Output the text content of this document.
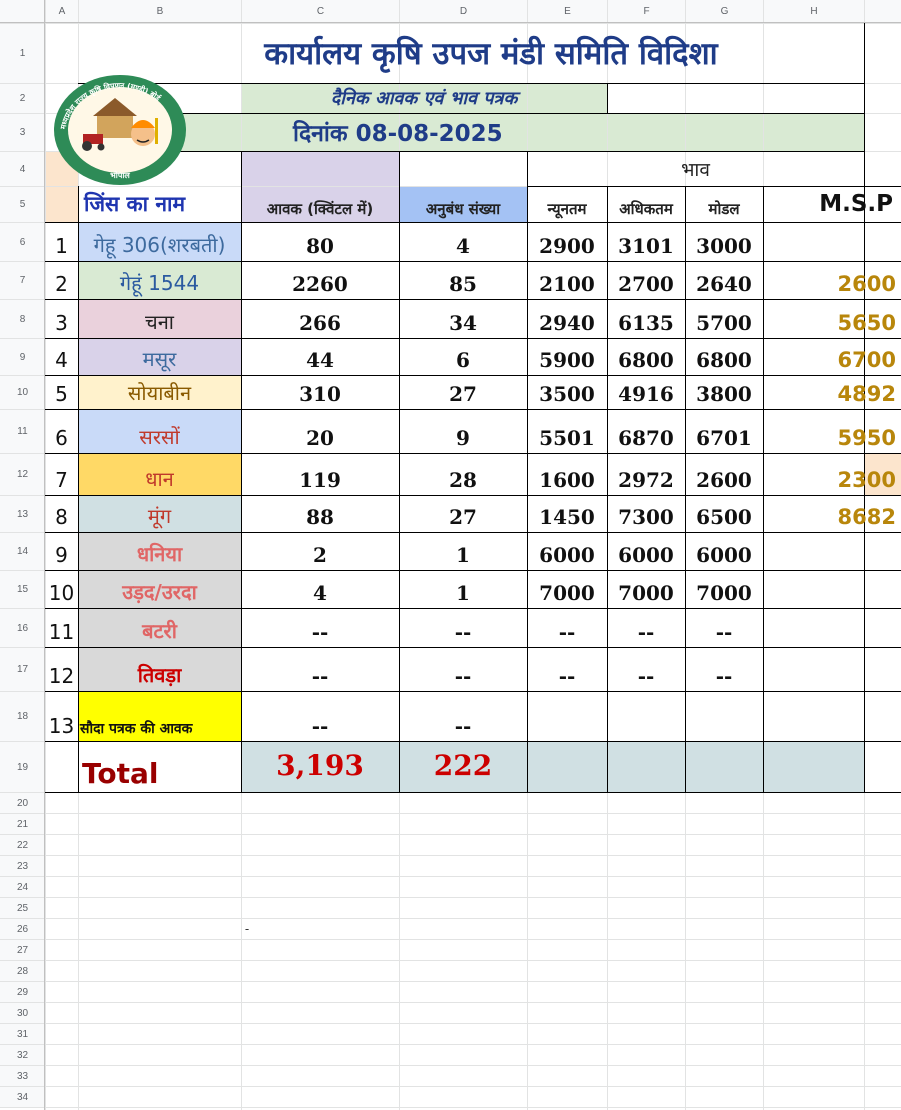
A	B	C	D	E	F	G	H
1
2
3
4
5
6
7
8
9
10
11
12
13
14
15
16
17
18
19
20
21
22
23
24
25
26
27
28
29
30
31
32
33
34
कार्यालय कृषि उपज मंडी समिति विदिशा
दैनिक आवक एवं भाव पत्रक
दिनांक 08-08-2025
भाव
जिंस का नाम	आवक (क्विंटल में)	अनुबंध संख्या	न्यूनतम	अधिकतम	मोडल	M.S.P
1	गेहू 306(शरबती)	80	4	2900	3101	3000
2	गेहूं 1544	2260	85	2100	2700	2640	2600
3	चना	266	34	2940	6135	5700	5650
4	मसूर	44	6	5900	6800	6800	6700
5	सोयाबीन	310	27	3500	4916	3800	4892
6	सरसों	20	9	5501	6870	6701	5950
7	धान	119	28	1600	2972	2600	2300
8	मूंग	88	27	1450	7300	6500	8682
9	धनिया	2	1	6000	6000	6000
10	उड़द/उरदा	4	1	7000	7000	7000
11	बटरी	--	--	--	--	--
12	तिवड़ा	--	--	--	--	--
13 सौदा पत्रक की आवक	--	--
Total	3,193	222
-
मध्यप्रदेश राज्य कृषि विपणन (मण्डी) बोर्ड
भोपाल
